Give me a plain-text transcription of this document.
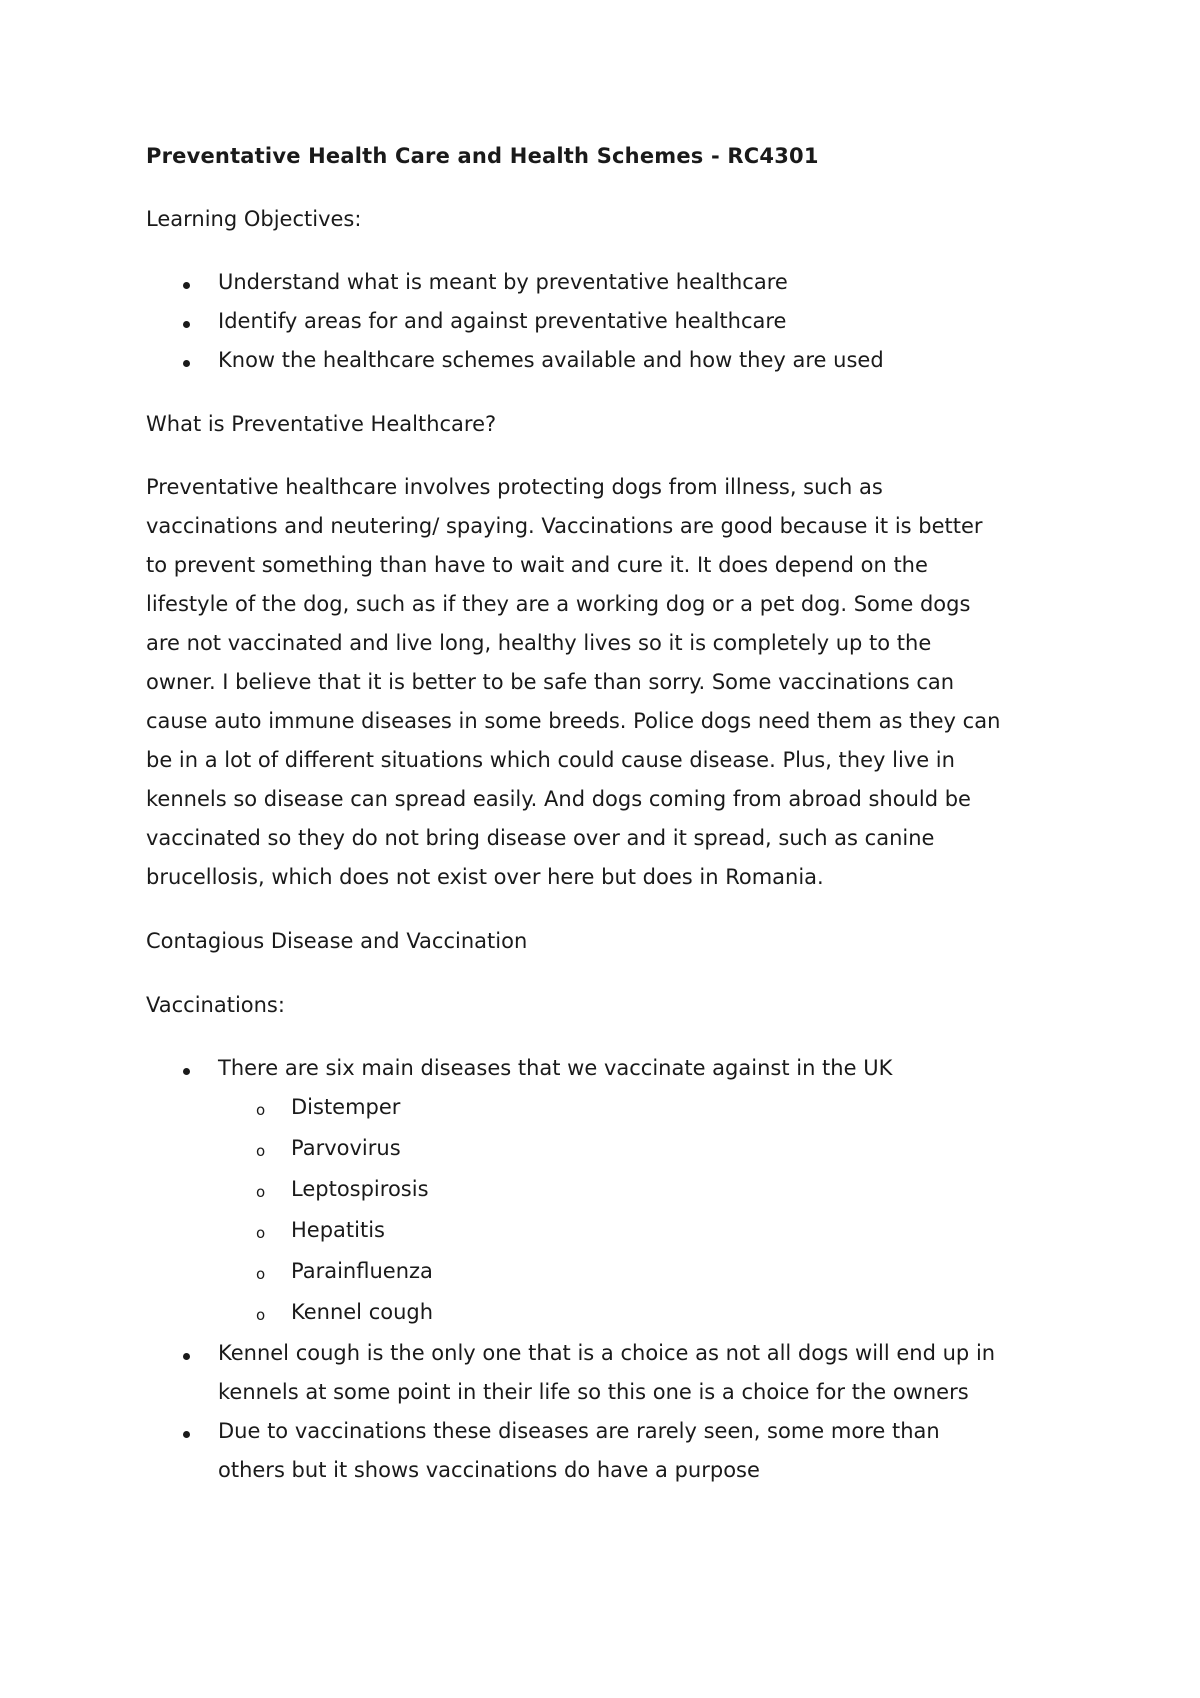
Preventative Health Care and Health Schemes - RC4301
Learning Objectives:
Understand what is meant by preventative healthcare
Identify areas for and against preventative healthcare
Know the healthcare schemes available and how they are used
What is Preventative Healthcare?
Preventative healthcare involves protecting dogs from illness, such as
vaccinations and neutering/ spaying. Vaccinations are good because it is better
to prevent something than have to wait and cure it. It does depend on the
lifestyle of the dog, such as if they are a working dog or a pet dog. Some dogs
are not vaccinated and live long, healthy lives so it is completely up to the
owner. I believe that it is better to be safe than sorry. Some vaccinations can
cause auto immune diseases in some breeds. Police dogs need them as they can
be in a lot of different situations which could cause disease. Plus, they live in
kennels so disease can spread easily. And dogs coming from abroad should be
vaccinated so they do not bring disease over and it spread, such as canine
brucellosis, which does not exist over here but does in Romania.
Contagious Disease and Vaccination
Vaccinations:
There are six main diseases that we vaccinate against in the UK
o Distemper
o Parvovirus
o Leptospirosis
o Hepatitis
o Parainfluenza
o Kennel cough
Kennel cough is the only one that is a choice as not all dogs will end up in
kennels at some point in their life so this one is a choice for the owners
Due to vaccinations these diseases are rarely seen, some more than
others but it shows vaccinations do have a purpose
